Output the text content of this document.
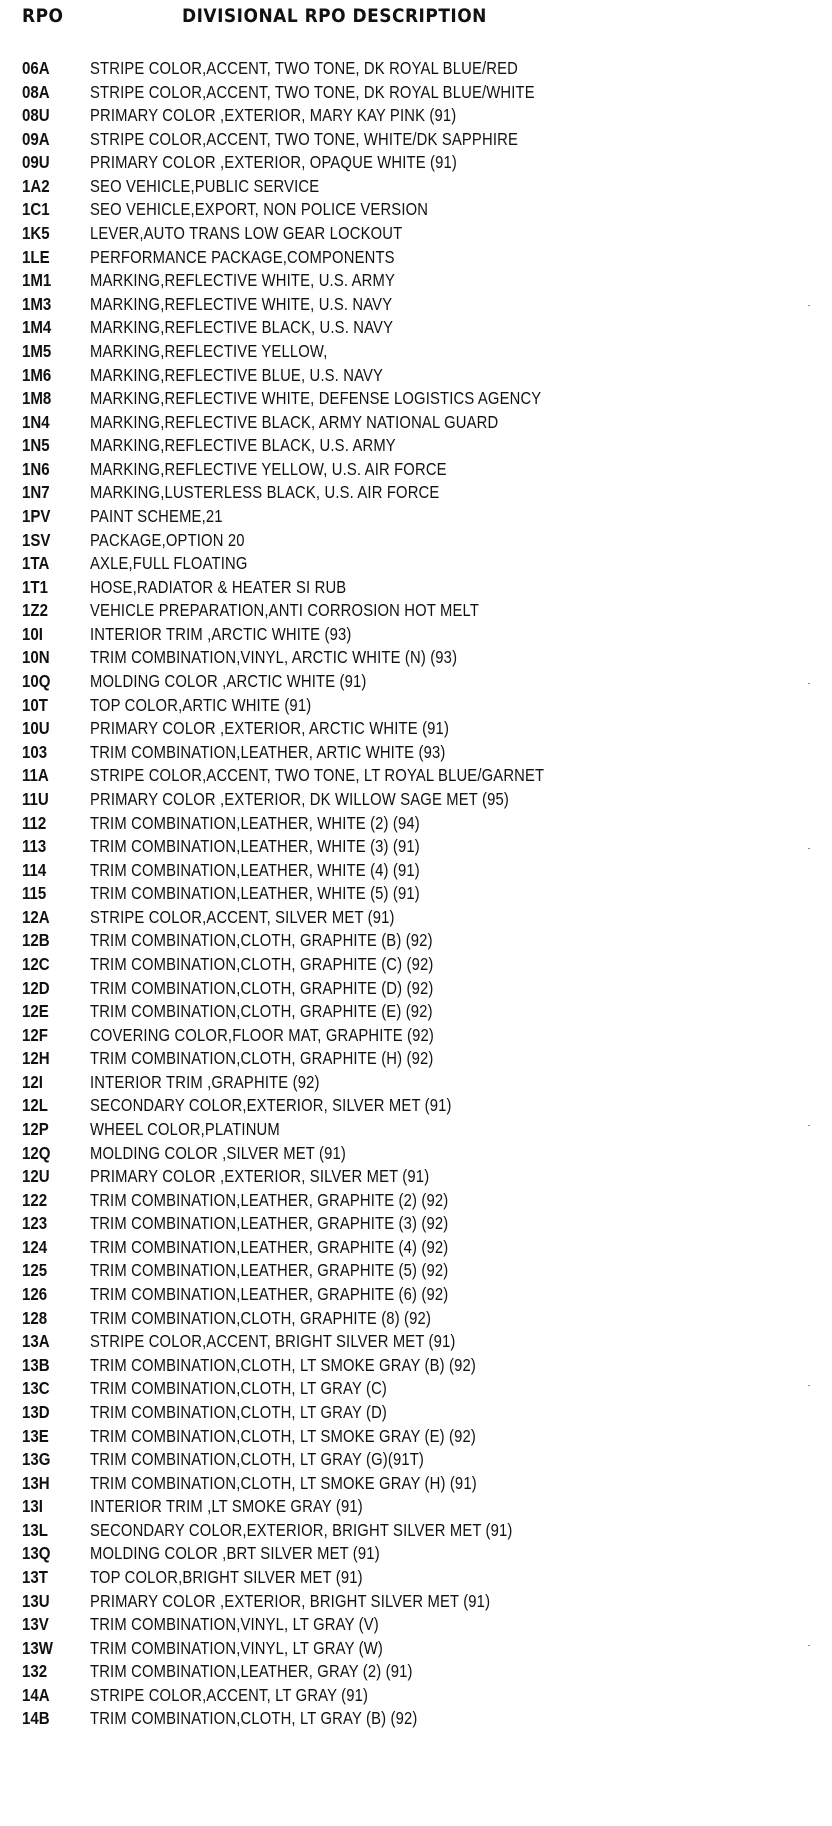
RPO	DIVISIONAL RPO DESCRIPTION
06A	STRIPE COLOR,ACCENT, TWO TONE, DK ROYAL BLUE/RED
08A	STRIPE COLOR,ACCENT, TWO TONE, DK ROYAL BLUE/WHITE
08U	PRIMARY COLOR ,EXTERIOR, MARY KAY PINK (91)
09A	STRIPE COLOR,ACCENT, TWO TONE, WHITE/DK SAPPHIRE
09U	PRIMARY COLOR ,EXTERIOR, OPAQUE WHITE (91)
1A2	SEO VEHICLE,PUBLIC SERVICE
1C1	SEO VEHICLE,EXPORT, NON POLICE VERSION
1K5	LEVER,AUTO TRANS LOW GEAR LOCKOUT
1LE	PERFORMANCE PACKAGE,COMPONENTS
1M1	MARKING,REFLECTIVE WHITE, U.S. ARMY
1M3	MARKING,REFLECTIVE WHITE, U.S. NAVY
1M4	MARKING,REFLECTIVE BLACK, U.S. NAVY
1M5	MARKING,REFLECTIVE YELLOW,
1M6	MARKING,REFLECTIVE BLUE, U.S. NAVY
1M8	MARKING,REFLECTIVE WHITE, DEFENSE LOGISTICS AGENCY
1N4	MARKING,REFLECTIVE BLACK, ARMY NATIONAL GUARD
1N5	MARKING,REFLECTIVE BLACK, U.S. ARMY
1N6	MARKING,REFLECTIVE YELLOW, U.S. AIR FORCE
1N7	MARKING,LUSTERLESS BLACK, U.S. AIR FORCE
1PV	PAINT SCHEME,21
1SV	PACKAGE,OPTION 20
1TA	AXLE,FULL FLOATING
1T1	HOSE,RADIATOR & HEATER SI RUB
1Z2	VEHICLE PREPARATION,ANTI CORROSION HOT MELT
10I	INTERIOR TRIM ,ARCTIC WHITE (93)
10N	TRIM COMBINATION,VINYL, ARCTIC WHITE (N) (93)
10Q	MOLDING COLOR ,ARCTIC WHITE (91)
10T	TOP COLOR,ARTIC WHITE (91)
10U	PRIMARY COLOR ,EXTERIOR, ARCTIC WHITE (91)
103	TRIM COMBINATION,LEATHER, ARTIC WHITE (93)
11A	STRIPE COLOR,ACCENT, TWO TONE, LT ROYAL BLUE/GARNET
11U	PRIMARY COLOR ,EXTERIOR, DK WILLOW SAGE MET (95)
112	TRIM COMBINATION,LEATHER, WHITE (2) (94)
113	TRIM COMBINATION,LEATHER, WHITE (3) (91)
114	TRIM COMBINATION,LEATHER, WHITE (4) (91)
115	TRIM COMBINATION,LEATHER, WHITE (5) (91)
12A	STRIPE COLOR,ACCENT, SILVER MET (91)
12B	TRIM COMBINATION,CLOTH, GRAPHITE (B) (92)
12C	TRIM COMBINATION,CLOTH, GRAPHITE (C) (92)
12D	TRIM COMBINATION,CLOTH, GRAPHITE (D) (92)
12E	TRIM COMBINATION,CLOTH, GRAPHITE (E) (92)
12F	COVERING COLOR,FLOOR MAT, GRAPHITE (92)
12H	TRIM COMBINATION,CLOTH, GRAPHITE (H) (92)
12I	INTERIOR TRIM ,GRAPHITE (92)
12L	SECONDARY COLOR,EXTERIOR, SILVER MET (91)
12P	WHEEL COLOR,PLATINUM
12Q	MOLDING COLOR ,SILVER MET (91)
12U	PRIMARY COLOR ,EXTERIOR, SILVER MET (91)
122	TRIM COMBINATION,LEATHER, GRAPHITE (2) (92)
123	TRIM COMBINATION,LEATHER, GRAPHITE (3) (92)
124	TRIM COMBINATION,LEATHER, GRAPHITE (4) (92)
125	TRIM COMBINATION,LEATHER, GRAPHITE (5) (92)
126	TRIM COMBINATION,LEATHER, GRAPHITE (6) (92)
128	TRIM COMBINATION,CLOTH, GRAPHITE (8) (92)
13A	STRIPE COLOR,ACCENT, BRIGHT SILVER MET (91)
13B	TRIM COMBINATION,CLOTH, LT SMOKE GRAY (B) (92)
13C	TRIM COMBINATION,CLOTH, LT GRAY (C)
13D	TRIM COMBINATION,CLOTH, LT GRAY (D)
13E	TRIM COMBINATION,CLOTH, LT SMOKE GRAY (E) (92)
13G	TRIM COMBINATION,CLOTH, LT GRAY (G)(91T)
13H	TRIM COMBINATION,CLOTH, LT SMOKE GRAY (H) (91)
13I	INTERIOR TRIM ,LT SMOKE GRAY (91)
13L	SECONDARY COLOR,EXTERIOR, BRIGHT SILVER MET (91)
13Q	MOLDING COLOR ,BRT SILVER MET (91)
13T	TOP COLOR,BRIGHT SILVER MET (91)
13U	PRIMARY COLOR ,EXTERIOR, BRIGHT SILVER MET (91)
13V	TRIM COMBINATION,VINYL, LT GRAY (V)
13W	TRIM COMBINATION,VINYL, LT GRAY (W)
132	TRIM COMBINATION,LEATHER, GRAY (2) (91)
14A	STRIPE COLOR,ACCENT, LT GRAY (91)
14B	TRIM COMBINATION,CLOTH, LT GRAY (B) (92)
